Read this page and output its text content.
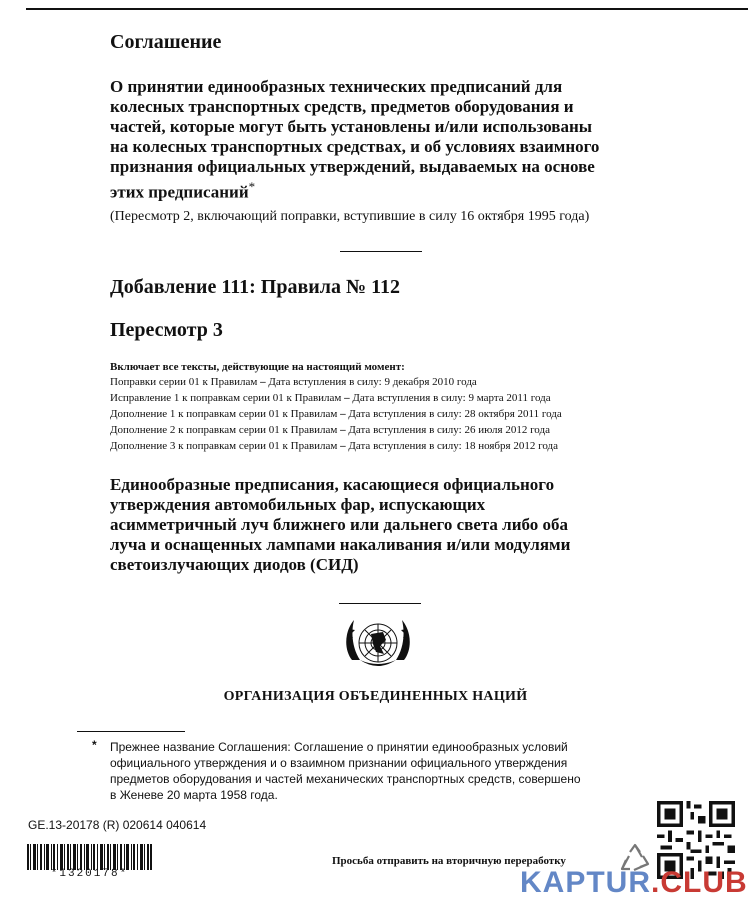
Соглашение
О принятии единообразных технических предписаний для
колесных транспортных средств, предметов оборудования и
частей, которые могут быть установлены и/или использованы
на колесных транспортных средствах, и об условиях взаимного
признания официальных утверждений, выдаваемых на основе
этих предписаний*
(Пересмотр 2, включающий поправки, вступившие в силу 16 октября 1995 года)
Добавление 111: Правила № 112
Пересмотр 3
Включает все тексты, действующие на настоящий момент:
Поправки серии 01 к Правилам – Дата вступления в силу: 9 декабря 2010 года
Исправление 1 к поправкам серии 01 к Правилам – Дата вступления в силу: 9 марта 2011 года
Дополнение 1 к поправкам серии 01 к Правилам – Дата вступления в силу: 28 октября 2011 года
Дополнение 2 к поправкам серии 01 к Правилам – Дата вступления в силу: 26 июля 2012 года
Дополнение 3 к поправкам серии 01 к Правилам – Дата вступления в силу: 18 ноября 2012 года
Единообразные предписания, касающиеся официального
утверждения автомобильных фар, испускающих
асимметричный луч ближнего или дальнего света либо оба
луча и оснащенных лампами накаливания и/или модулями
светоизлучающих диодов (СИД)
ОРГАНИЗАЦИЯ ОБЪЕДИНЕННЫХ НАЦИЙ
* Прежнее название Соглашения: Соглашение о принятии единообразных условий
официального утверждения и о взаимном признании официального утверждения
предметов оборудования и частей механических транспортных средств, совершено
в Женеве 20 марта 1958 года.
GE.13-20178 (R) 020614 040614
*1320178*
Просьба отправить на вторичную переработку
KAPTUR.CLUB
